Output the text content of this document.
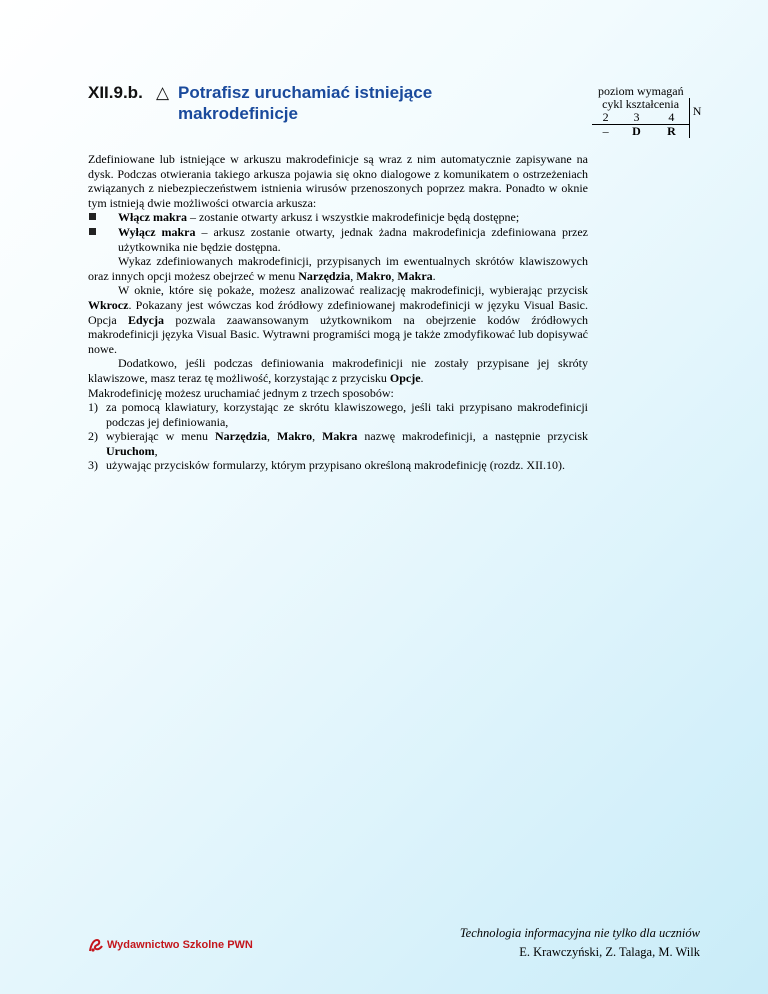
XII.9.b. △ Potrafisz uruchamiać istniejące
makrodefinicje
poziom wymagań			
cykl kształcenia			N
2	3	4	
–	D	R	

Zdefiniowane lub istniejące w arkuszu makrodefinicje są wraz z nim automatycznie zapisywane na dysk. Podczas otwierania takiego arkusza pojawia się okno dialogowe z komunikatem o ostrzeżeniach związanych z niebezpieczeństwem istnienia wirusów przenoszonych poprzez makra. Ponadto w oknie tym istnieją dwie możliwości otwarcia arkusza:

Włącz makra – zostanie otwarty arkusz i wszystkie makrodefinicje będą dostępne;
Wyłącz makra – arkusz zostanie otwarty, jednak żadna makrodefinicja zdefiniowana przez użytkownika nie będzie dostępna.

Wykaz zdefiniowanych makrodefinicji, przypisanych im ewentualnych skrótów klawiszowych oraz innych opcji możesz obejrzeć w menu Narzędzia, Makro, Makra.

W oknie, które się pokaże, możesz analizować realizację makrodefinicji, wybierając przycisk Wkrocz. Pokazany jest wówczas kod źródłowy zdefiniowanej makrodefinicji w języku Visual Basic. Opcja Edycja pozwala zaawansowanym użytkownikom na obejrzenie kodów źródłowych makrodefinicji języka Visual Basic. Wytrawni programiści mogą je także zmodyfikować lub dopisywać nowe.

Dodatkowo, jeśli podczas definiowania makrodefinicji nie zostały przypisane jej skróty klawiszowe, masz teraz tę możliwość, korzystając z przycisku Opcje.

Makrodefinicję możesz uruchamiać jednym z trzech sposobów:

1) za pomocą klawiatury, korzystając ze skrótu klawiszowego, jeśli taki przypisano makrodefinicji podczas jej definiowania,
2) wybierając w menu Narzędzia, Makro, Makra nazwę makrodefinicji, a następnie przycisk Uruchom,
3) używając przycisków formularzy, którym przypisano określoną makrodefinicję (rozdz. XII.10).
Wydawnictwo Szkolne PWN
Technologia informacyjna nie tylko dla uczniów
E. Krawczyński, Z. Talaga, M. Wilk
